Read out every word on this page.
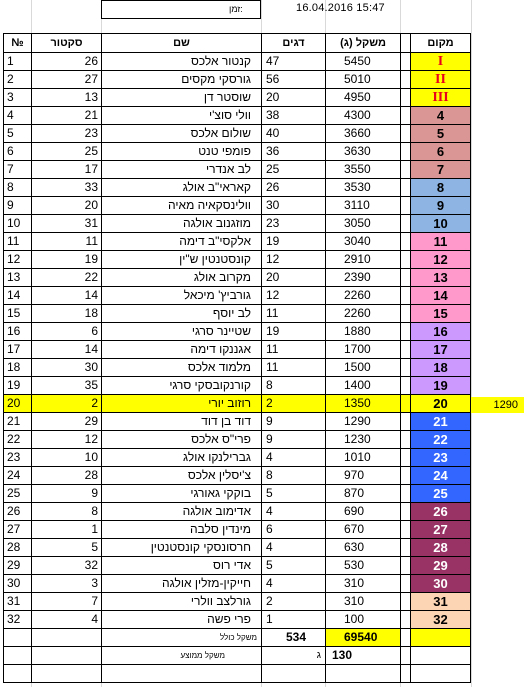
זמן:	16.04.2016 15:47
№	סקטור	שם	דגים	משקל (ג)		מקום
1	26	קנטור אלכס	47	5450		I
2	27	גורסקי מקסים	56	5010		II
3	13	שוסטר דן	20	4950		III
4	21	וולי סוצ'י	38	4300		4
5	23	שולום אלכס	40	3660		5
6	25	פומפי טנט	36	3630		6
7	17	לב אנדרי	25	3550		7
8	33	קאראי"ב אולג	26	3530		8
9	20	וולינסקאיה מאיה	30	3110		9
10	31	מוזגנוב אולגה	23	3050		10
11	11	אלקסי"ב דימה	19	3040		11
12	19	קונסטנטין ש"ין	12	2910		12
13	22	מקרוב אולג	20	2390		13
14	14	גורביץ' מיכאל	12	2260		14
15	18	לב יוסף	11	2260		15
16	6	שטיינר סרגי	19	1880		16
17	14	אגננקו דימה	11	1700		17
18	30	מלמוד אלכס	11	1500		18
19	35	קורנקובסקי סרגי	8	1400		19
20	2	רוזוב יורי	2	1350		20
21	29	דוד בן דוד	9	1290		21
22	12	פרי"ס אלכס	9	1230		22
23	10	גברילנקו אולג	4	1010		23
24	28	צ'יסלין אלכס	8	970		24
25	9	בוקקי גאורגי	5	870		25
26	8	אדימוב אולגה	4	690		26
27	1	מינדין סלבה	6	670		27
28	5	חרסונסקי קונסטנטין	4	630		28
29	32	אדי רוס	5	530		29
30	3	חייקין-מזלין אולגה	4	310		30
31	7	גורלצב וולרי	2	310		31
32	4	פרי פשה	1	100		32
		משקל כולל	534	69540		
		משקל ממוצע	ג	130		

1290
